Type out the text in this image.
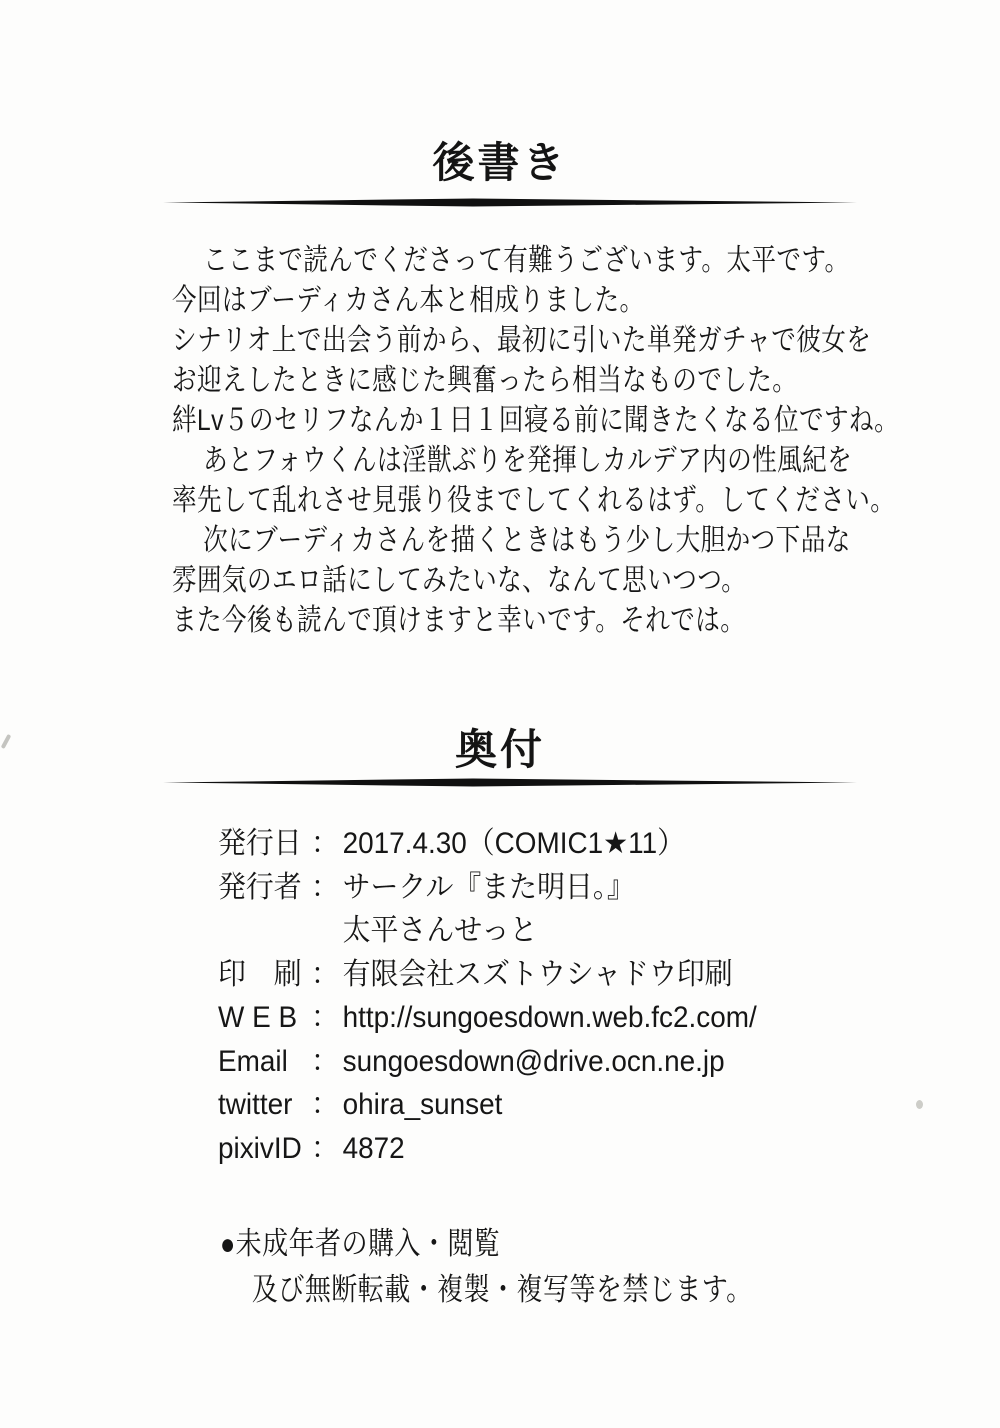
後書き
ここまで読んでくださって有難うございます。太平です。
今回はブーディカさん本と相成りました。
シナリオ上で出会う前から、最初に引いた単発ガチャで彼女を
お迎えしたときに感じた興奮ったら相当なものでした。
絆Lv５のセリフなんか１日１回寝る前に聞きたくなる位ですね。
あとフォウくんは淫獣ぶりを発揮しカルデア内の性風紀を
率先して乱れさせ見張り役までしてくれるはず。してください。
次にブーディカさんを描くときはもう少し大胆かつ下品な
雰囲気のエロ話にしてみたいな、なんて思いつつ。
また今後も読んで頂けますと幸いです。それでは。
奥付
発行日 ： 2017.4.30（COMIC1★11）
発行者 ： サークル『また明日。』
太平さんせっと
印　刷 ： 有限会社スズトウシャドウ印刷
W E B ： http://sungoesdown.web.fc2.com/
Email ： sungoesdown@drive.ocn.ne.jp
twitter ： ohira_sunset
pixivID ： 4872
●未成年者の購入・閲覧
及び無断転載・複製・複写等を禁じます。
